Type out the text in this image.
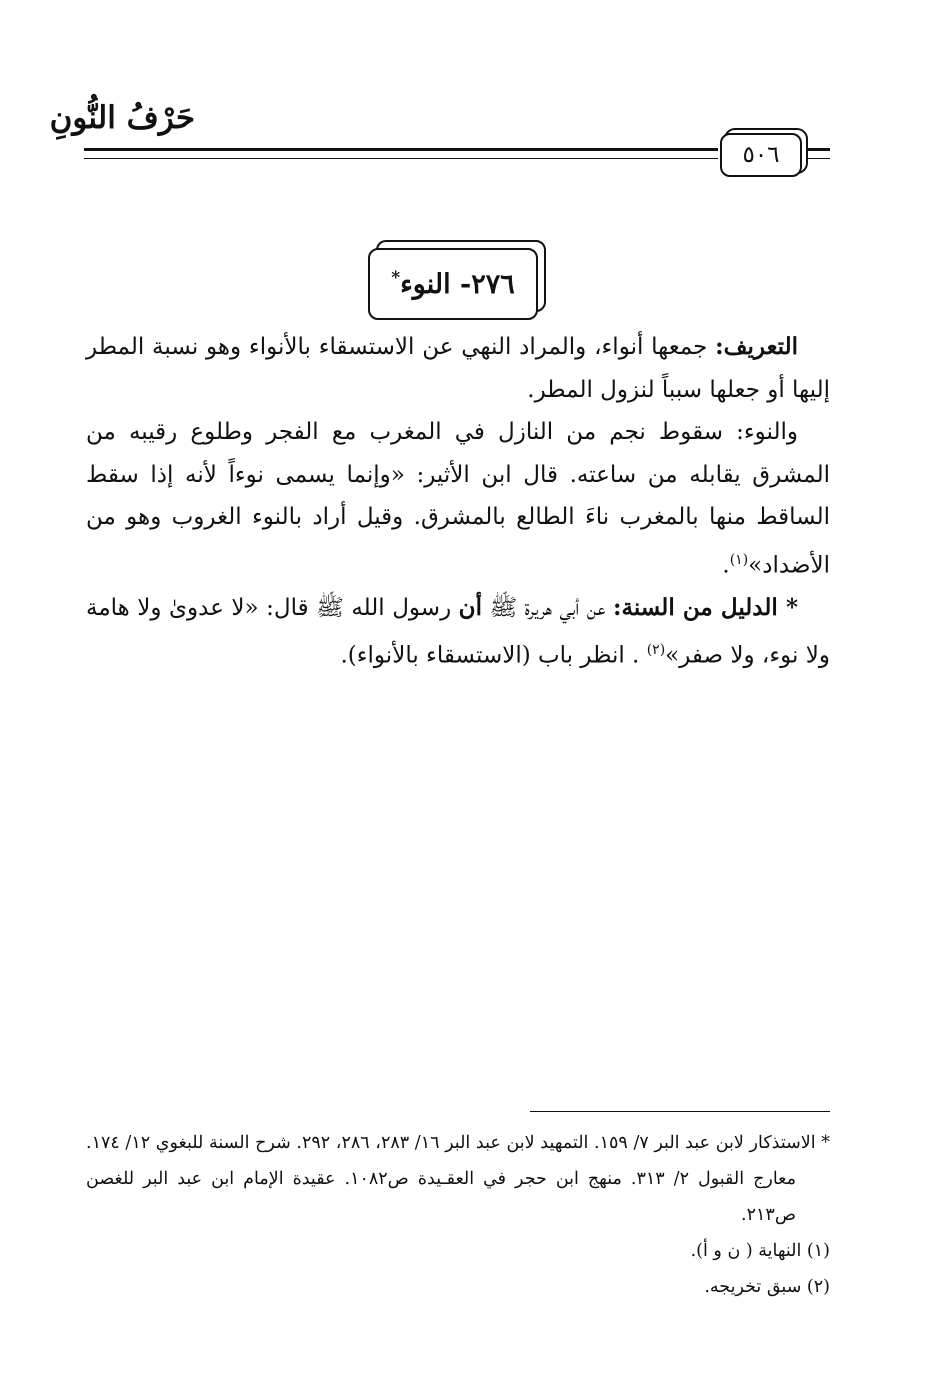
حَرْفُ النُّونِ
٥٠٦
٢٧٦- النوء*

التعريف: جمعها أنواء، والمراد النهي عن الاستسقاء بالأنواء وهو نسبة المطر إليها أو جعلها سبباً لنزول المطر.

والنوء: سقوط نجم من النازل في المغرب مع الفجر وطلوع رقيبه من المشرق يقابله من ساعته. قال ابن الأثير: «وإنما يسمى نوءاً لأنه إذا سقط الساقط منها بالمغرب ناءَ الطالع بالمشرق. وقيل أراد بالنوء الغروب وهو من الأضداد»$^{(١)}$.

* الدليل من السنة: عن أبي هريرة ﷺ أن رسول الله ﷺ قال: «لا عدوىٰ ولا هامة ولا نوء، ولا صفر»$^{(٢)}$ . انظر باب (الاستسقاء بالأنواء).

* الاستذكار لابن عبد البر ٧/ ١٥٩. التمهيد لابن عبد البر ١٦/ ٢٨٣، ٢٨٦، ٢٩٢. شرح السنة للبغوي ١٢/ ١٧٤. معارج القبول ٢/ ٣١٣. منهج ابن حجر في العقـيدة ص١٠٨٢. عقيدة الإمام ابن عبد البر للغصن ص٢١٣.

(١) النهاية ( ن و أ).

(٢) سبق تخريجه.
